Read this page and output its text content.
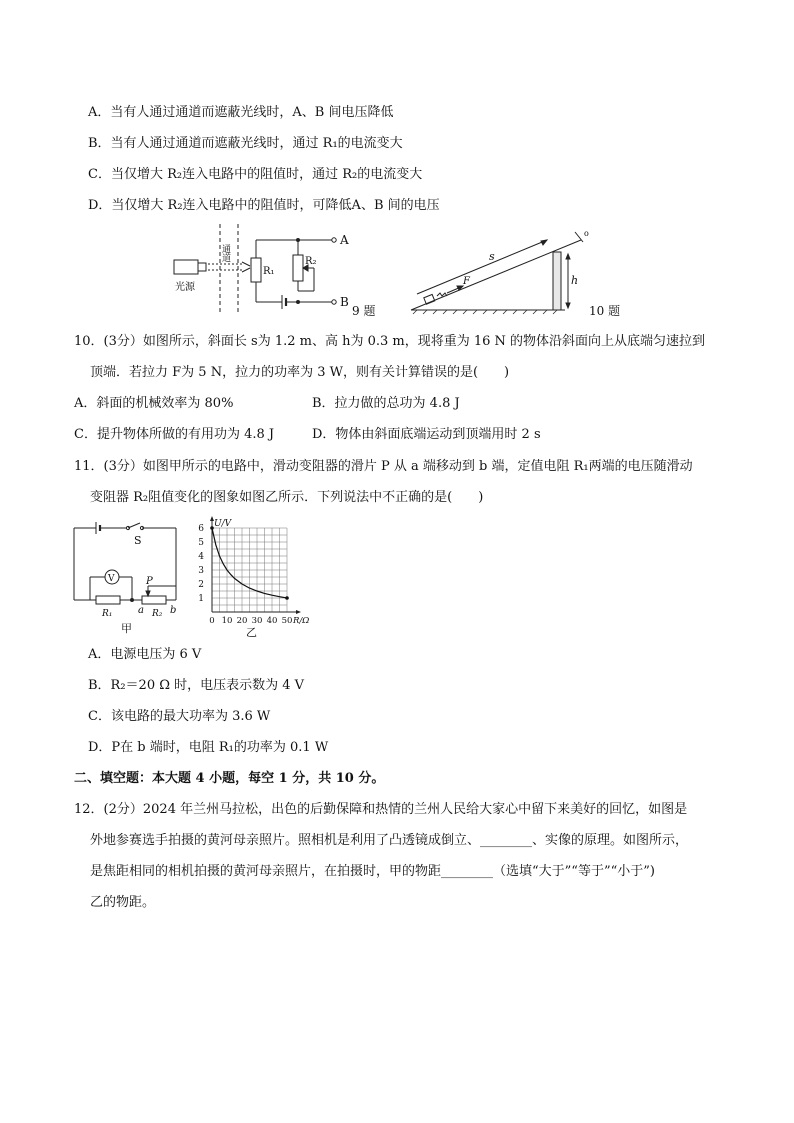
A．当有人通过通道而遮蔽光线时，A、B 间电压降低
B．当有人通过通道而遮蔽光线时，通过 R₁的电流变大
C．当仅增大 R₂连入电路中的阻值时，通过 R₂的电流变大
D．当仅增大 R₂连入电路中的阻值时，可降低A、B 间的电压
通道
光源
R₁
R₂
A
B
9 题
s
h
F
o
10 题
10．(3分）如图所示，斜面长 s为 1.2 m、高 h为 0.3 m，现将重为 16 N 的物体沿斜面向上从底端匀速拉到
顶端．若拉力 F为 5 N，拉力的功率为 3 W，则有关计算错误的是(　　)
A．斜面的机械效率为 80%	B．拉力做的总功为 4.8 J
C．提升物体所做的有用功为 4.8 J	D．物体由斜面底端运动到顶端用时 2 s
11．(3分）如图甲所示的电路中，滑动变阻器的滑片 P 从 a 端移动到 b 端，定值电阻 R₁两端的电压随滑动
变阻器 R₂阻值变化的图象如图乙所示．下列说法中不正确的是(　　)
S
V	P
R₁	R₂
a	b
甲
1
2
3
4
5
6
0 10 20 30 40 50
U/V
R/Ω
乙
A．电源电压为 6 V
B．R₂＝20 Ω 时，电压表示数为 4 V
C．该电路的最大功率为 3.6 W
D．P在 b 端时，电阻 R₁的功率为 0.1 W
二、填空题：本大题 4 小题，每空 1 分，共 10 分。
12．(2分）2024 年兰州马拉松，出色的后勤保障和热情的兰州人民给大家心中留下来美好的回忆，如图是
外地参赛选手拍摄的黄河母亲照片。照相机是利用了凸透镜成倒立、________、实像的原理。如图所示，
是焦距相同的相机拍摄的黄河母亲照片，在拍摄时，甲的物距________（选填“大于”“等于”“小于”)
乙的物距。
